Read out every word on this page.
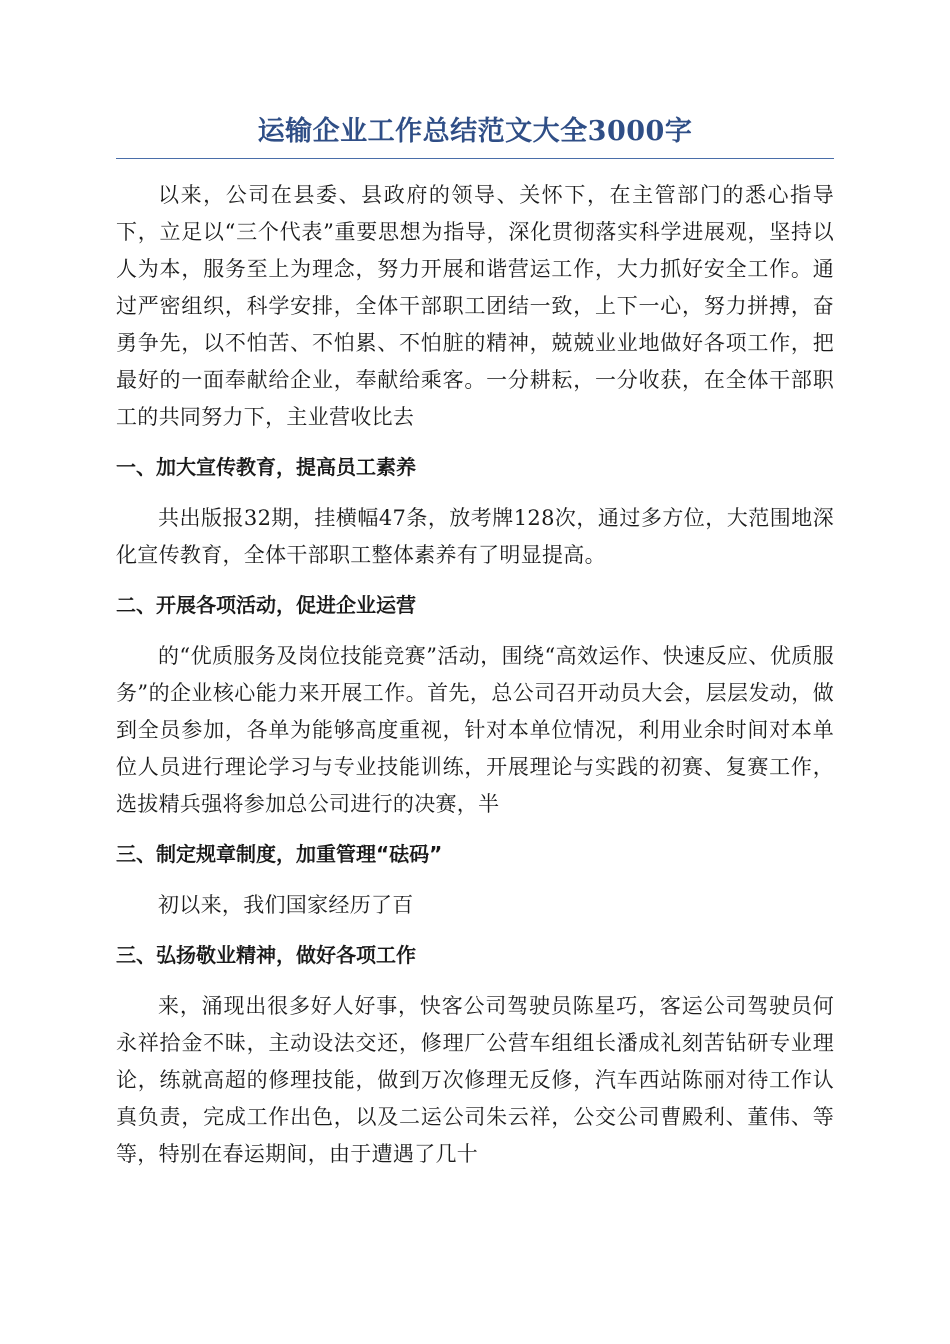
运输企业工作总结范文大全3000字

以来，公司在县委、县政府的领导、关怀下，在主管部门的悉心指导下，立足以“三个代表”重要思想为指导，深化贯彻落实科学进展观，坚持以人为本，服务至上为理念，努力开展和谐营运工作，大力抓好安全工作。通过严密组织，科学安排，全体干部职工团结一致，上下一心，努力拼搏，奋勇争先，以不怕苦、不怕累、不怕脏的精神，兢兢业业地做好各项工作，把最好的一面奉献给企业，奉献给乘客。一分耕耘，一分收获，在全体干部职工的共同努力下，主业营收比去

一、加大宣传教育，提高员工素养

共出版报32期，挂横幅47条，放考牌128次，通过多方位，大范围地深化宣传教育，全体干部职工整体素养有了明显提高。

二、开展各项活动，促进企业运营

的“优质服务及岗位技能竞赛”活动，围绕“高效运作、快速反应、优质服务”的企业核心能力来开展工作。首先，总公司召开动员大会，层层发动，做到全员参加，各单为能够高度重视，针对本单位情况，利用业余时间对本单位人员进行理论学习与专业技能训练，开展理论与实践的初赛、复赛工作，选拔精兵强将参加总公司进行的决赛，半

三、制定规章制度，加重管理“砝码”

初以来，我们国家经历了百

三、弘扬敬业精神，做好各项工作

来，涌现出很多好人好事，快客公司驾驶员陈星巧，客运公司驾驶员何永祥拾金不昧，主动设法交还，修理厂公营车组组长潘成礼刻苦钻研专业理论，练就高超的修理技能，做到万次修理无反修，汽车西站陈丽对待工作认真负责，完成工作出色，以及二运公司朱云祥，公交公司曹殿利、董伟、等等，特别在春运期间，由于遭遇了几十
